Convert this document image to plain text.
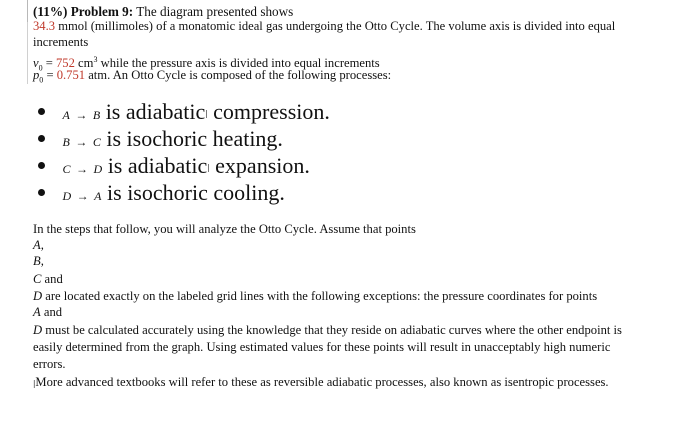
(11%) Problem 9: The diagram presented shows
34.3 mmol (millimoles) of a monatomic ideal gas undergoing the Otto Cycle. The volume axis is divided into equal
increments
$v_0 = 752$ $cm^3$ while the pressure axis is divided into equal increments
$p_0 = 0.751$ atm. An Otto Cycle is composed of the following processes:
A → B is adiabatic$^ǀ$ compression.
B → C is isochoric heating.
C → D is adiabatic$^ǀ$ expansion.
D → A is isochoric cooling.
In the steps that follow, you will analyze the Otto Cycle. Assume that points
A,
B,
C and
D are located exactly on the labeled grid lines with the following exceptions: the pressure coordinates for points
A and
D must be calculated accurately using the knowledge that they reside on adiabatic curves where the other endpoint is
easily determined from the graph. Using estimated values for these points will result in unacceptably high numeric
errors.
ǀMore advanced textbooks will refer to these as reversible adiabatic processes, also known as isentropic processes.
